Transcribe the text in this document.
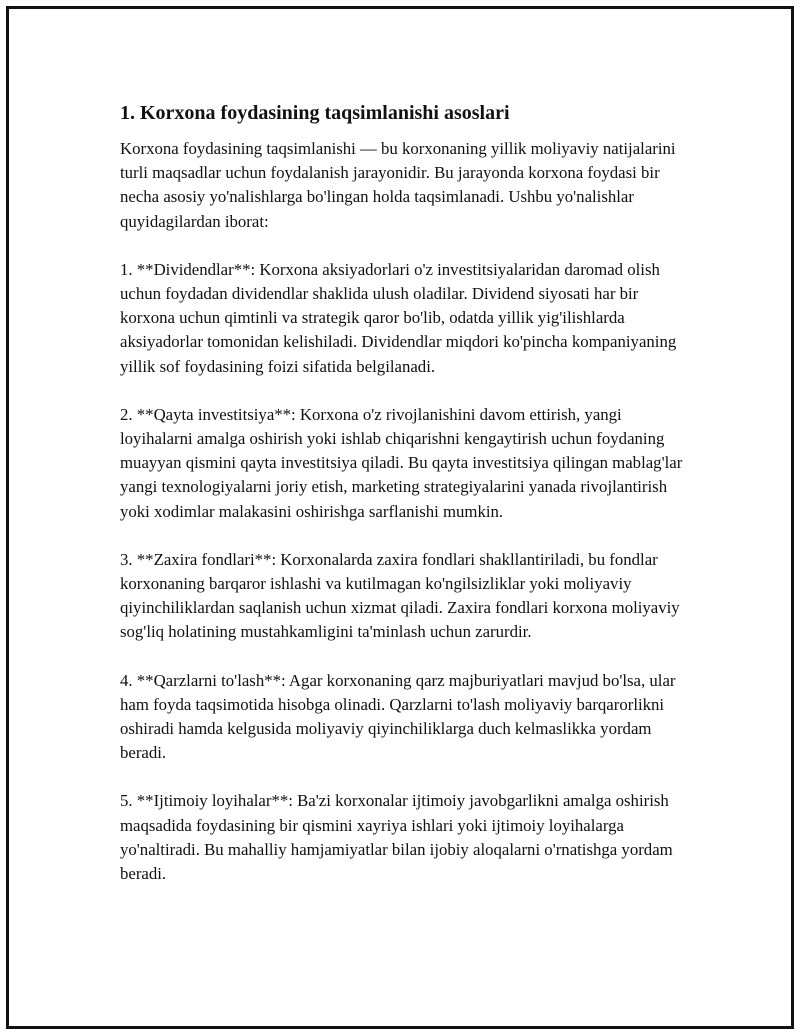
1. Korxona foydasining taqsimlanishi asoslari

Korxona foydasining taqsimlanishi — bu korxonaning yillik moliyaviy natijalarini turli maqsadlar uchun foydalanish jarayonidir. Bu jarayonda korxona foydasi bir necha asosiy yo'nalishlarga bo'lingan holda taqsimlanadi. Ushbu yo'nalishlar quyidagilardan iborat:

1. **Dividendlar**: Korxona aksiyadorlari o'z investitsiyalaridan daromad olish uchun foydadan dividendlar shaklida ulush oladilar. Dividend siyosati har bir korxona uchun qimtinli va strategik qaror bo'lib, odatda yillik yig'ilishlarda aksiyadorlar tomonidan kelishiladi. Dividendlar miqdori ko'pincha kompaniyaning yillik sof foydasining foizi sifatida belgilanadi.

2. **Qayta investitsiya**: Korxona o'z rivojlanishini davom ettirish, yangi loyihalarni amalga oshirish yoki ishlab chiqarishni kengaytirish uchun foydaning muayyan qismini qayta investitsiya qiladi. Bu qayta investitsiya qilingan mablag'lar yangi texnologiyalarni joriy etish, marketing strategiyalarini yanada rivojlantirish yoki xodimlar malakasini oshirishga sarflanishi mumkin.

3. **Zaxira fondlari**: Korxonalarda zaxira fondlari shakllantiriladi, bu fondlar korxonaning barqaror ishlashi va kutilmagan ko'ngilsizliklar yoki moliyaviy qiyinchiliklardan saqlanish uchun xizmat qiladi. Zaxira fondlari korxona moliyaviy sog'liq holatining mustahkamligini ta'minlash uchun zarurdir.

4. **Qarzlarni to'lash**: Agar korxonaning qarz majburiyatlari mavjud bo'lsa, ular ham foyda taqsimotida hisobga olinadi. Qarzlarni to'lash moliyaviy barqarorlikni oshiradi hamda kelgusida moliyaviy qiyinchiliklarga duch kelmaslikka yordam beradi.

5. **Ijtimoiy loyihalar**: Ba'zi korxonalar ijtimoiy javobgarlikni amalga oshirish maqsadida foydasining bir qismini xayriya ishlari yoki ijtimoiy loyihalarga yo'naltiradi. Bu mahalliy hamjamiyatlar bilan ijobiy aloqalarni o'rnatishga yordam beradi.
